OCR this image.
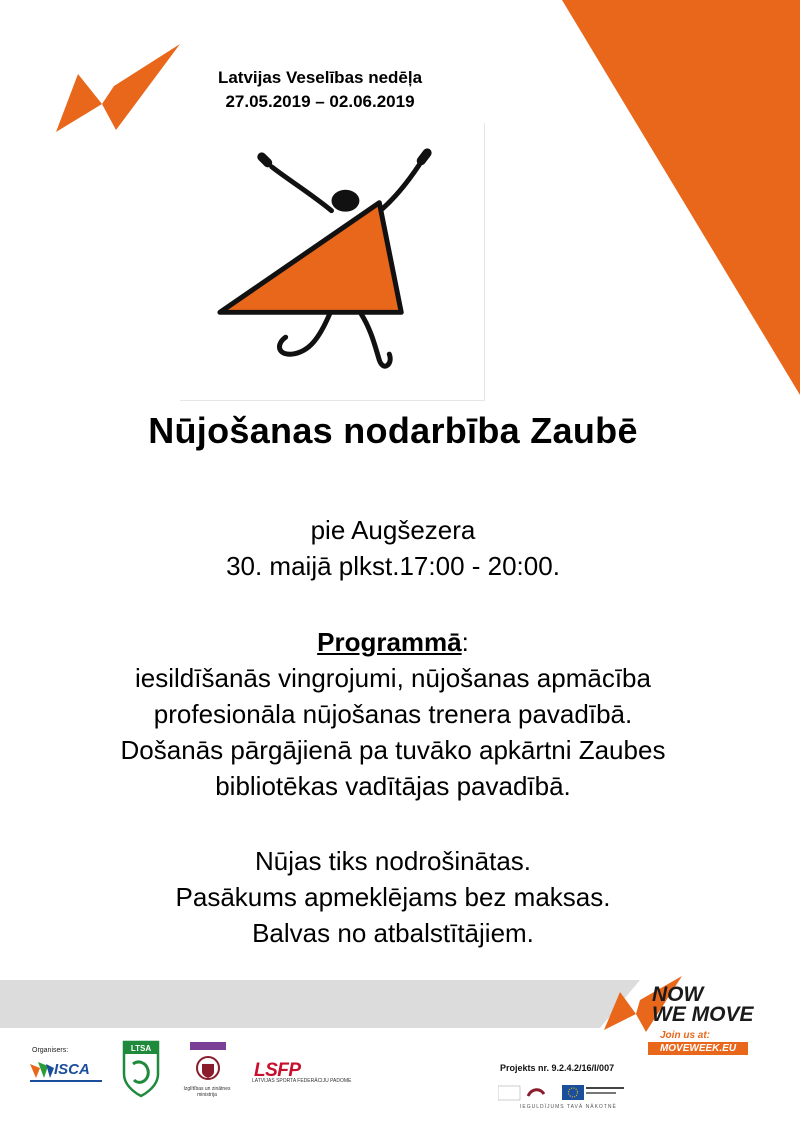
Latvijas Veselības nedēļa
27.05.2019 – 02.06.2019
Nūjošanas nodarbība Zaubē
pie Augšezera
30. maijā plkst.17:00 - 20:00.
Programmā:
iesildīšanās vingrojumi, nūjošanas apmācība
profesionāla nūjošanas trenera pavadībā.
Došanās pārgājienā pa tuvāko apkārtni Zaubes
bibliotēkas vadītājas pavadībā.
Nūjas tiks nodrošinātas.
Pasākums apmeklējams bez maksas.
Balvas no atbalstītājiem.
NOW
WE MOVE
Join us at:
MOVEWEEK.EU
Organisers:
ISCA
LTSA
Izglītības un zinātnes ministrija
LSFP
LATVIJAS SPORTA FEDERĀCIJU PADOME
Projekts nr. 9.2.4.2/16/I/007
IEGULDĪJUMS TAVĀ NĀKOTNĒ
